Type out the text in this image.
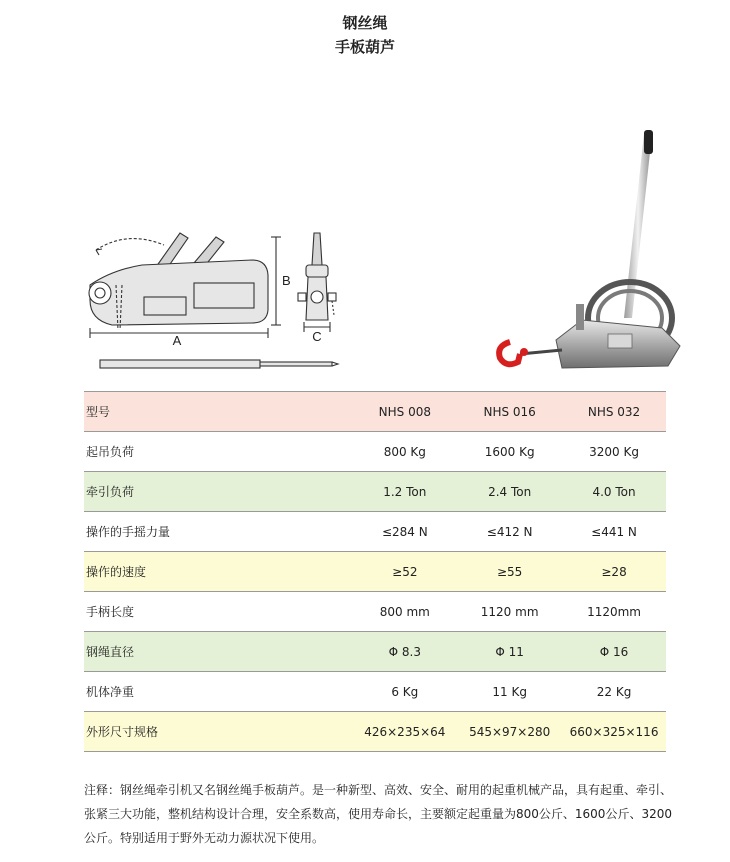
钢丝绳
手板葫芦
A
B
C
型号	NHS 008	NHS 016	NHS 032
起吊负荷	800 Kg	1600 Kg	3200 Kg
牵引负荷	1.2 Ton	2.4 Ton	4.0 Ton
操作的手摇力量	≤284 N	≤412 N	≤441 N
操作的速度	≥52	≥55	≥28
手柄长度	800 mm	1120 mm	1120mm
钢绳直径	Φ 8.3	Φ 11	Φ 16
机体净重	6 Kg	11 Kg	22 Kg
外形尺寸规格	426×235×64	545×97×280	660×325×116
注释：钢丝绳牵引机又名钢丝绳手板葫芦。是一种新型、高效、安全、耐用的起重机械产品，具有起重、牵引、张紧三大功能，整机结构设计合理，安全系数高，使用寿命长，主要额定起重量为800公斤、1600公斤、3200公斤。特别适用于野外无动力源状况下使用。
